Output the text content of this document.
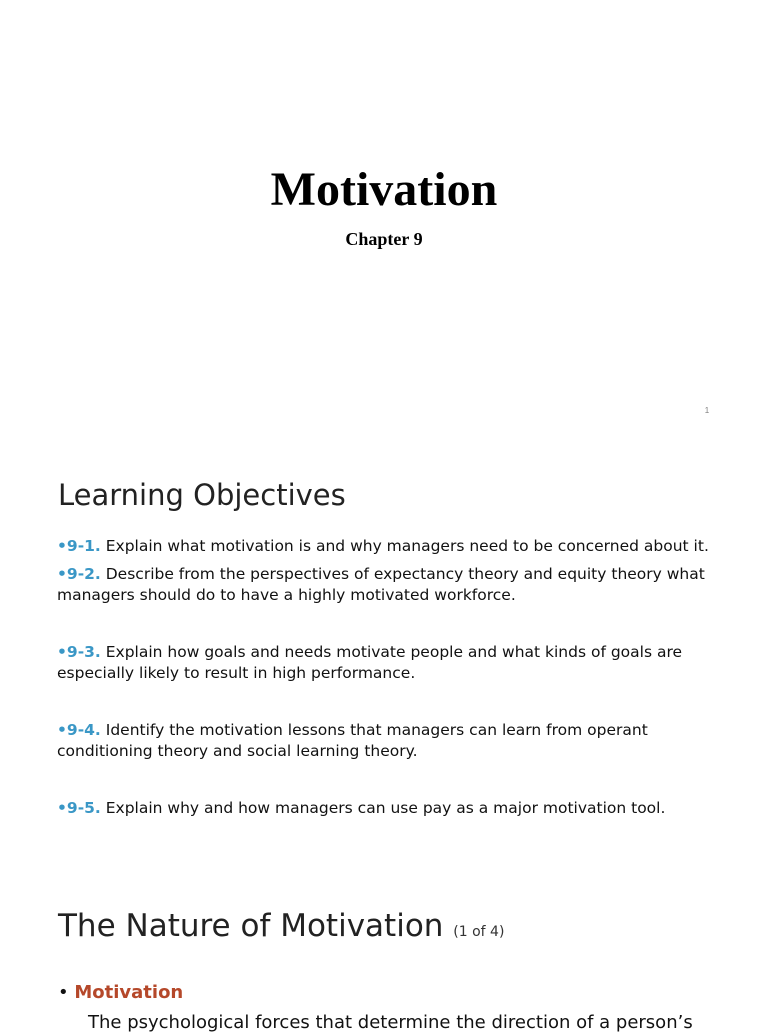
Motivation
Chapter 9
1
Learning Objectives
•9-1. Explain what motivation is and why managers need to be concerned about it.
•9-2. Describe from the perspectives of expectancy theory and equity theory what managers should do to have a highly motivated workforce.
•9-3. Explain how goals and needs motivate people and what kinds of goals are especially likely to result in high performance.
•9-4. Identify the motivation lessons that managers can learn from operant conditioning theory and social learning theory.
•9-5. Explain why and how managers can use pay as a major motivation tool.
The Nature of Motivation (1 of 4)
• Motivation
The psychological forces that determine the direction of a person’s
